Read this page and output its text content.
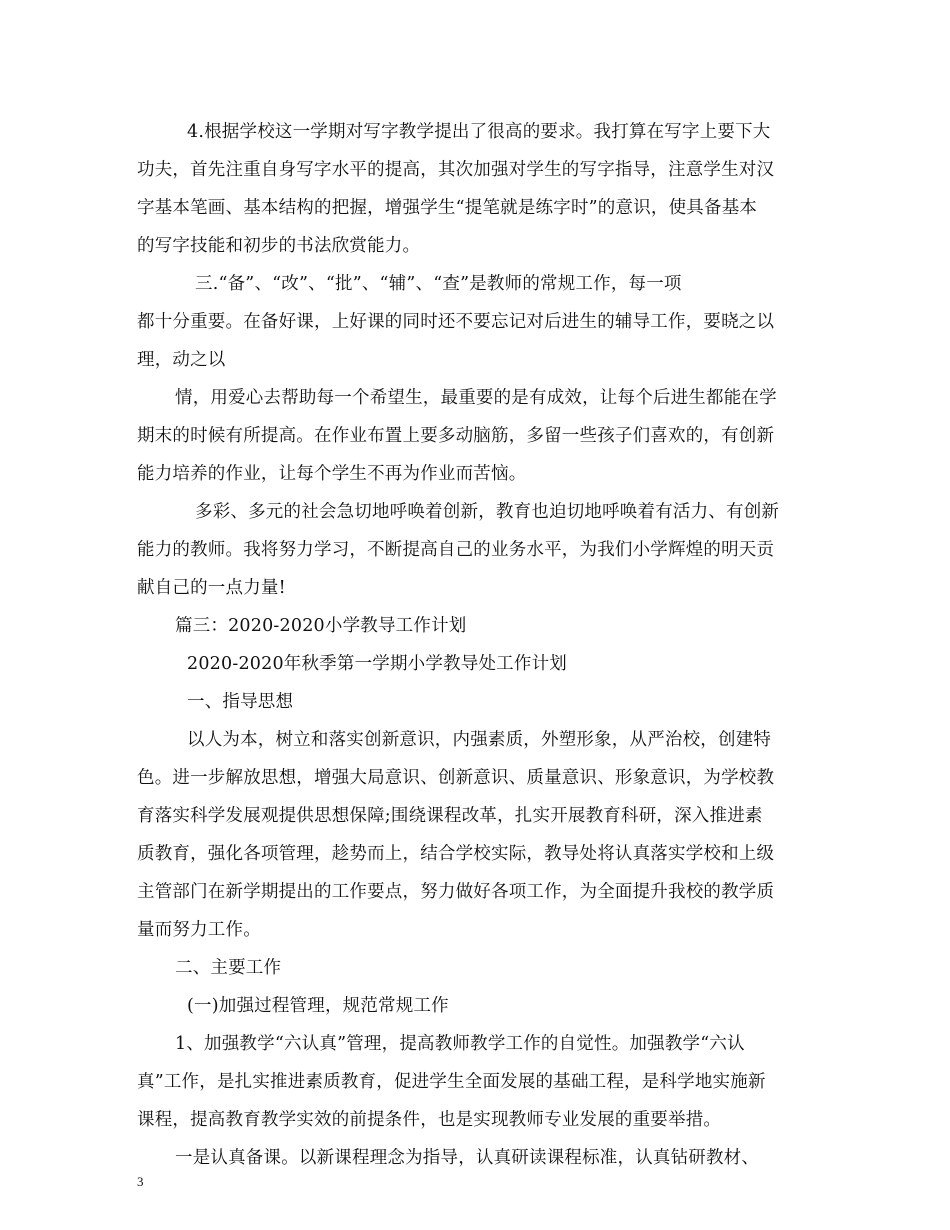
4.根据学校这一学期对写字教学提出了很高的要求。我打算在写字上要下大
功夫，首先注重自身写字水平的提高，其次加强对学生的写字指导，注意学生对汉
字基本笔画、基本结构的把握，增强学生“提笔就是练字时”的意识，使具备基本
的写字技能和初步的书法欣赏能力。
三.“备”、“改”、“批”、“辅”、“查”是教师的常规工作，每一项
都十分重要。在备好课，上好课的同时还不要忘记对后进生的辅导工作，要晓之以
理，动之以
情，用爱心去帮助每一个希望生，最重要的是有成效，让每个后进生都能在学
期末的时候有所提高。在作业布置上要多动脑筋，多留一些孩子们喜欢的，有创新
能力培养的作业，让每个学生不再为作业而苦恼。
多彩、多元的社会急切地呼唤着创新，教育也迫切地呼唤着有活力、有创新
能力的教师。我将努力学习，不断提高自己的业务水平，为我们小学辉煌的明天贡
献自己的一点力量!
篇三：2020-2020小学教导工作计划
2020-2020年秋季第一学期小学教导处工作计划
一、指导思想
以人为本，树立和落实创新意识，内强素质，外塑形象，从严治校，创建特
色。进一步解放思想，增强大局意识、创新意识、质量意识、形象意识，为学校教
育落实科学发展观提供思想保障;围绕课程改革，扎实开展教育科研，深入推进素
质教育，强化各项管理，趁势而上，结合学校实际，教导处将认真落实学校和上级
主管部门在新学期提出的工作要点，努力做好各项工作，为全面提升我校的教学质
量而努力工作。
二、主要工作
(一)加强过程管理，规范常规工作
1、加强教学“六认真”管理，提高教师教学工作的自觉性。加强教学“六认
真”工作，是扎实推进素质教育，促进学生全面发展的基础工程，是科学地实施新
课程，提高教育教学实效的前提条件，也是实现教师专业发展的重要举措。
一是认真备课。以新课程理念为指导，认真研读课程标准，认真钻研教材、
3
